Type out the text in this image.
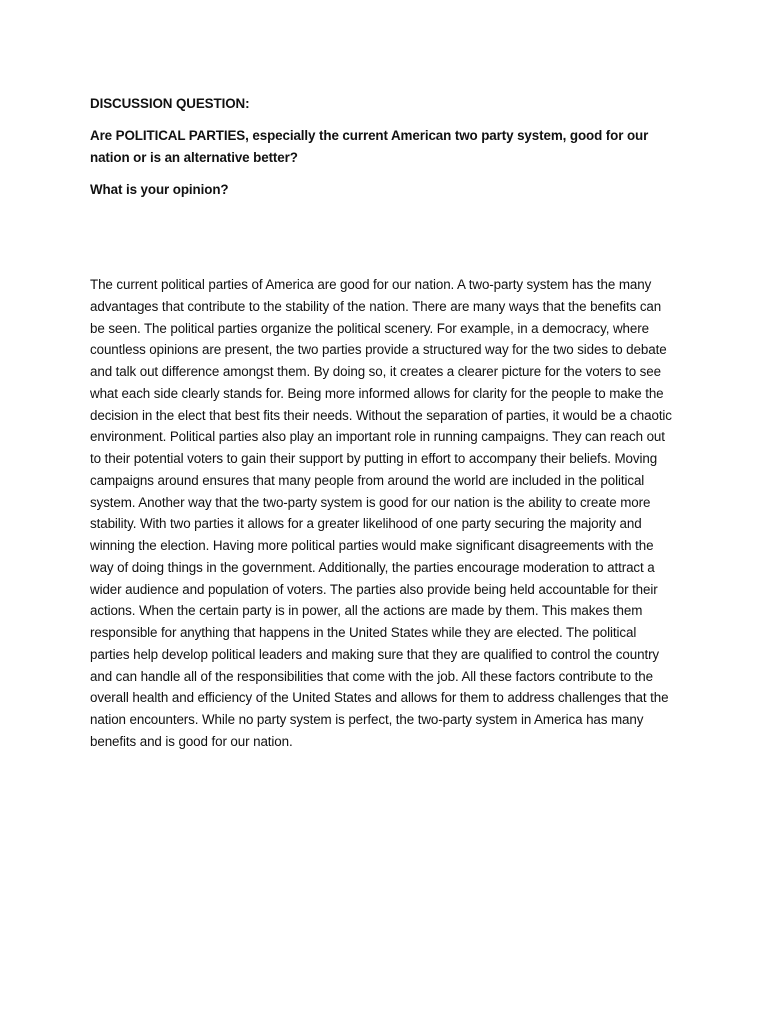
DISCUSSION QUESTION:

Are POLITICAL PARTIES, especially the current American two party system, good for our nation or is an alternative better?

What is your opinion?

The current political parties of America are good for our nation. A two-party system has the many advantages that contribute to the stability of the nation. There are many ways that the benefits can be seen. The political parties organize the political scenery. For example, in a democracy, where countless opinions are present, the two parties provide a structured way for the two sides to debate and talk out difference amongst them. By doing so, it creates a clearer picture for the voters to see what each side clearly stands for. Being more informed allows for clarity for the people to make the decision in the elect that best fits their needs. Without the separation of parties, it would be a chaotic environment. Political parties also play an important role in running campaigns. They can reach out to their potential voters to gain their support by putting in effort to accompany their beliefs. Moving campaigns around ensures that many people from around the world are included in the political system. Another way that the two-party system is good for our nation is the ability to create more stability. With two parties it allows for a greater likelihood of one party securing the majority and winning the election. Having more political parties would make significant disagreements with the way of doing things in the government. Additionally, the parties encourage moderation to attract a wider audience and population of voters. The parties also provide being held accountable for their actions. When the certain party is in power, all the actions are made by them. This makes them responsible for anything that happens in the United States while they are elected. The political parties help develop political leaders and making sure that they are qualified to control the country and can handle all of the responsibilities that come with the job. All these factors contribute to the overall health and efficiency of the United States and allows for them to address challenges that the nation encounters. While no party system is perfect, the two-party system in America has many benefits and is good for our nation.
